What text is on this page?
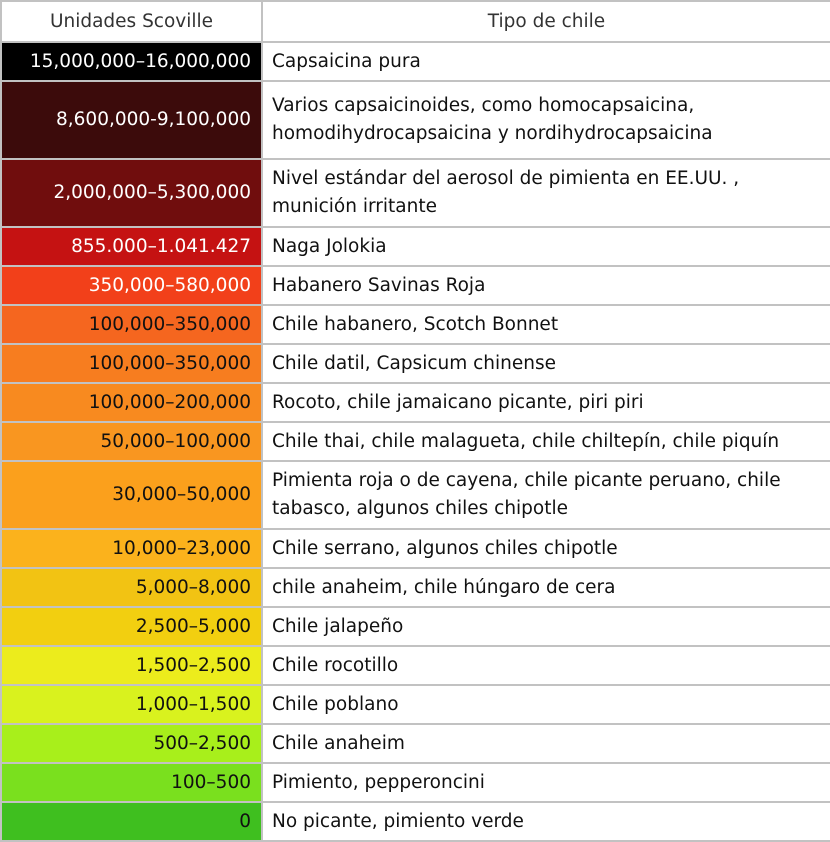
Unidades Scoville	Tipo de chile
15,000,000–16,000,000	Capsaicina pura
8,600,000-9,100,000	Varios capsaicinoides, como homocapsaicina, homodihydrocapsaicina y nordihydrocapsaicina
2,000,000–5,300,000	Nivel estándar del aerosol de pimienta en EE.UU. , munición irritante
855.000–1.041.427	Naga Jolokia
350,000–580,000	Habanero Savinas Roja
100,000–350,000	Chile habanero, Scotch Bonnet
100,000–350,000	Chile datil, Capsicum chinense
100,000–200,000	Rocoto, chile jamaicano picante, piri piri
50,000–100,000	Chile thai, chile malagueta, chile chiltepín, chile piquín
30,000–50,000	Pimienta roja o de cayena, chile picante peruano, chile tabasco, algunos chiles chipotle
10,000–23,000	Chile serrano, algunos chiles chipotle
5,000–8,000	chile anaheim, chile húngaro de cera
2,500–5,000	Chile jalapeño
1,500–2,500	Chile rocotillo
1,000–1,500	Chile poblano
500–2,500	Chile anaheim
100–500	Pimiento, pepperoncini
0	No picante, pimiento verde
